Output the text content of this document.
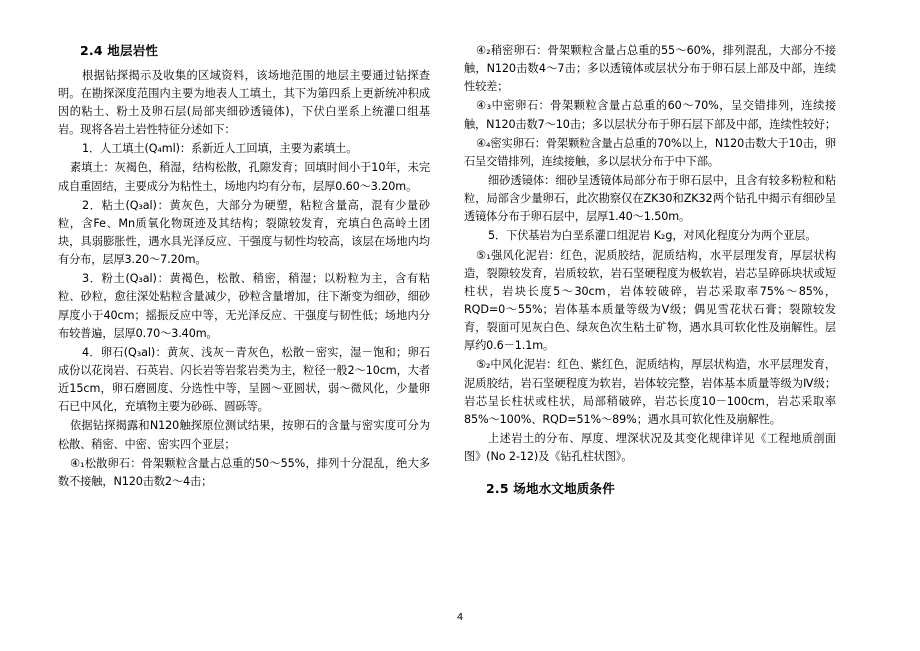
2.4 地层岩性

根据钻探揭示及收集的区域资料，该场地范围的地层主要通过钻探查明。在勘探深度范围内主要为地表人工填土，其下为第四系上更新统冲积成因的粘土、粉土及卵石层(局部夹细砂透镜体)，下伏白垩系上统灌口组基岩。现将各岩土岩性特征分述如下：

1．人工填土(Q₄ml)：系新近人工回填，主要为素填土。

素填土：灰褐色，稍湿，结构松散，孔隙发育；回填时间小于10年，未完成自重固结，主要成分为粘性土，场地内均有分布，层厚0.60～3.20m。

2．粘土(Q₃al)：黄灰色，大部分为硬塑，粘粒含量高，混有少量砂粒，含Fe、Mn质氧化物斑迹及其结构；裂隙较发育，充填白色高岭土团块，具弱膨胀性，遇水具光泽反应、干强度与韧性均较高，该层在场地内均有分布，层厚3.20～7.20m。

3．粉土(Q₃al)：黄褐色，松散、稍密，稍湿；以粉粒为主，含有粘粒、砂粒，愈往深处粘粒含量减少，砂粒含量增加，往下渐变为细砂，细砂厚度小于40cm；摇振反应中等，无光泽反应、干强度与韧性低；场地内分布较普遍，层厚0.70～3.40m。

4．卵石(Q₃al)：黄灰、浅灰－青灰色，松散－密实，湿－饱和；卵石成份以花岗岩、石英岩、闪长岩等岩浆岩类为主，粒径一般2～10cm，大者近15cm，卵石磨圆度、分选性中等，呈圆～亚圆状，弱～微风化，少量卵石已中风化，充填物主要为砂砾、圆砾等。

依据钻探揭露和N120触探原位测试结果，按卵石的含量与密实度可分为松散、稍密、中密、密实四个亚层；

④₁松散卵石：骨架颗粒含量占总重的50～55%，排列十分混乱，绝大多数不接触，N120击数2～4击；

④₂稍密卵石：骨架颗粒含量占总重的55～60%，排列混乱，大部分不接触，N120击数4～7击；多以透镜体或层状分布于卵石层上部及中部，连续性较差；

④₃中密卵石：骨架颗粒含量占总重的60～70%，呈交错排列，连续接触，N120击数7～10击；多以层状分布于卵石层下部及中部，连续性较好；

④₄密实卵石：骨架颗粒含量占总重的70%以上，N120击数大于10击，卵石呈交错排列，连续接触，多以层状分布于中下部。

细砂透镜体：细砂呈透镜体局部分布于卵石层中，且含有较多粉粒和粘粒，局部含少量卵石，此次勘察仅在ZK30和ZK32两个钻孔中揭示有细砂呈透镜体分布于卵石层中，层厚1.40～1.50m。

5．下伏基岩为白垩系灌口组泥岩 K₂g，对风化程度分为两个亚层。

⑤₁强风化泥岩：红色，泥质胶结，泥质结构，水平层理发育，厚层状构造，裂隙较发育，岩质较软，岩石坚硬程度为极软岩，岩芯呈碎砾块状或短柱状，岩块长度5～30cm，岩体较破碎，岩芯采取率75%～85%，RQD=0～55%；岩体基本质量等级为Ⅴ级；偶见雪花状石膏；裂隙较发育，裂面可见灰白色、绿灰色次生粘土矿物，遇水具可软化性及崩解性。层厚约0.6－1.1m。

⑤₂中风化泥岩：红色、紫红色，泥质结构，厚层状构造，水平层理发育，泥质胶结，岩石坚硬程度为软岩，岩体较完整，岩体基本质量等级为Ⅳ级；岩芯呈长柱状或柱状，局部稍破碎，岩芯长度10－100cm，岩芯采取率85%～100%、RQD=51%～89%；遇水具可软化性及崩解性。

上述岩土的分布、厚度、埋深状况及其变化规律详见《工程地质剖面图》(No 2-12)及《钻孔柱状图》。

2.5 场地水文地质条件
4
